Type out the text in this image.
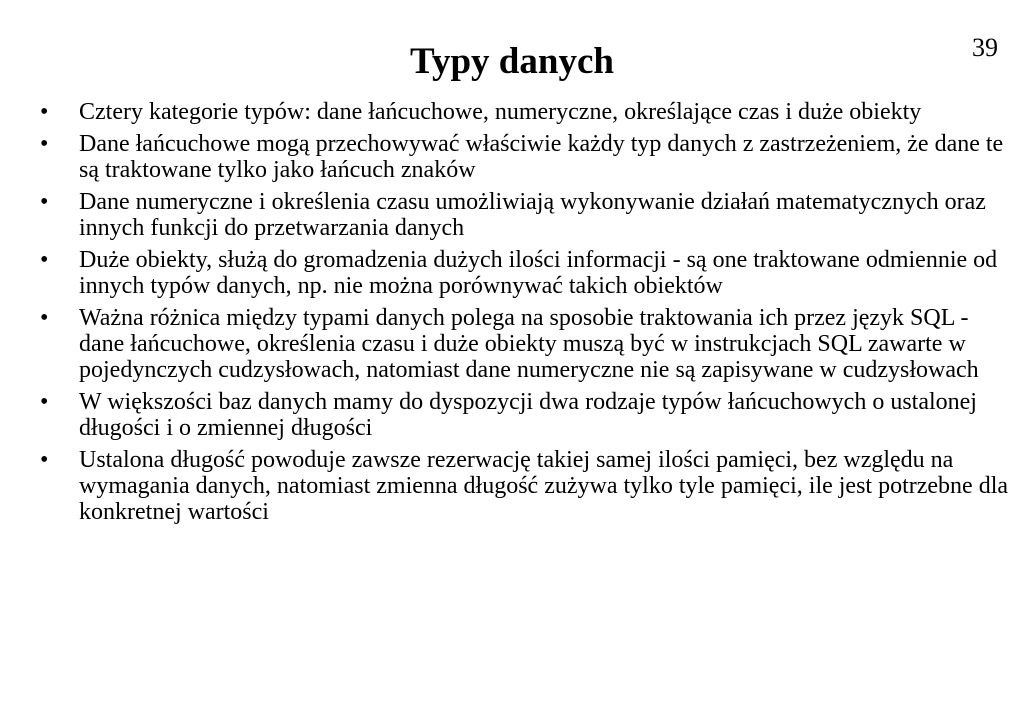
39
Typy danych
• Cztery kategorie typów: dane łańcuchowe, numeryczne, określające czas i duże obiekty
• Dane łańcuchowe mogą przechowywać właściwie każdy typ danych z zastrzeżeniem, że dane te są traktowane tylko jako łańcuch znaków
• Dane numeryczne i określenia czasu umożliwiają wykonywanie działań matematycznych oraz innych funkcji do przetwarzania danych
• Duże obiekty, służą do gromadzenia dużych ilości informacji - są one traktowane odmiennie od innych typów danych, np. nie można porównywać takich obiektów
• Ważna różnica między typami danych polega na sposobie traktowania ich przez język SQL - dane łańcuchowe, określenia czasu i duże obiekty muszą być w instrukcjach SQL zawarte w pojedynczych cudzysłowach, natomiast dane numeryczne nie są zapisywane w cudzysłowach
• W większości baz danych mamy do dyspozycji dwa rodzaje typów łańcuchowych o ustalonej długości i o zmiennej długości
• Ustalona długość powoduje zawsze rezerwację takiej samej ilości pamięci, bez względu na wymagania danych, natomiast zmienna długość zużywa tylko tyle pamięci, ile jest potrzebne dla konkretnej wartości
